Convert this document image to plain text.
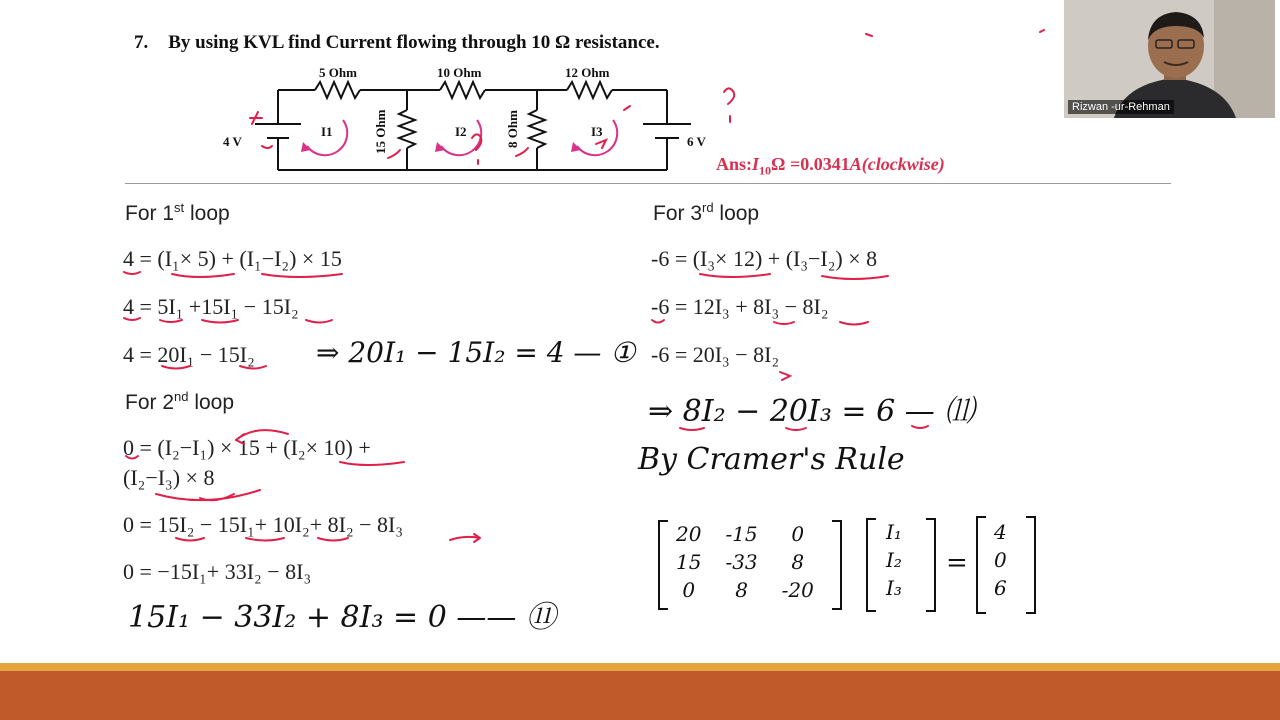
7. By using KVL find Current flowing through 10 Ω resistance.
5 Ohm	10 Ohm	12 Ohm
15 Ohm	8 Ohm
4 V	6 V
I1	I2	I3
$Ans:I_{10}\Omega$ =0.0341A(clockwise)
For 1st loop
4 = (I₁× 5) + (I₁−I₂) × 15
4 = 5I₁ +15I₁ − 15I₂
4 = 20I₁ − 15I₂ ⇒ 20I₁ − 15I₂ = 4 — ①
For 2nd loop
0 = (I₂−I₁) × 15 + (I₂× 10) +
(I₂−I₃) × 8
0 = 15I₂ − 15I₁+ 10I₂+ 8I₂ − 8I₃
0 = −15I₁+ 33I₂ − 8I₃
15I₁ − 33I₂ + 8I₃ = 0 —— ⑪
For 3rd loop
-6 = (I₃× 12) + (I₃−I₂) × 8
-6 = 12I₃ + 8I₃ − 8I₂
-6 = 20I₃ − 8I₂
⇒ 8I₂ − 20I₃ = 6 — ⑾
By Cramer's Rule
20	-15	0
15	-33	8
0	8	-20
I₁
I₂
I₃
=
4
0
6
Rizwan -ur-Rehman
